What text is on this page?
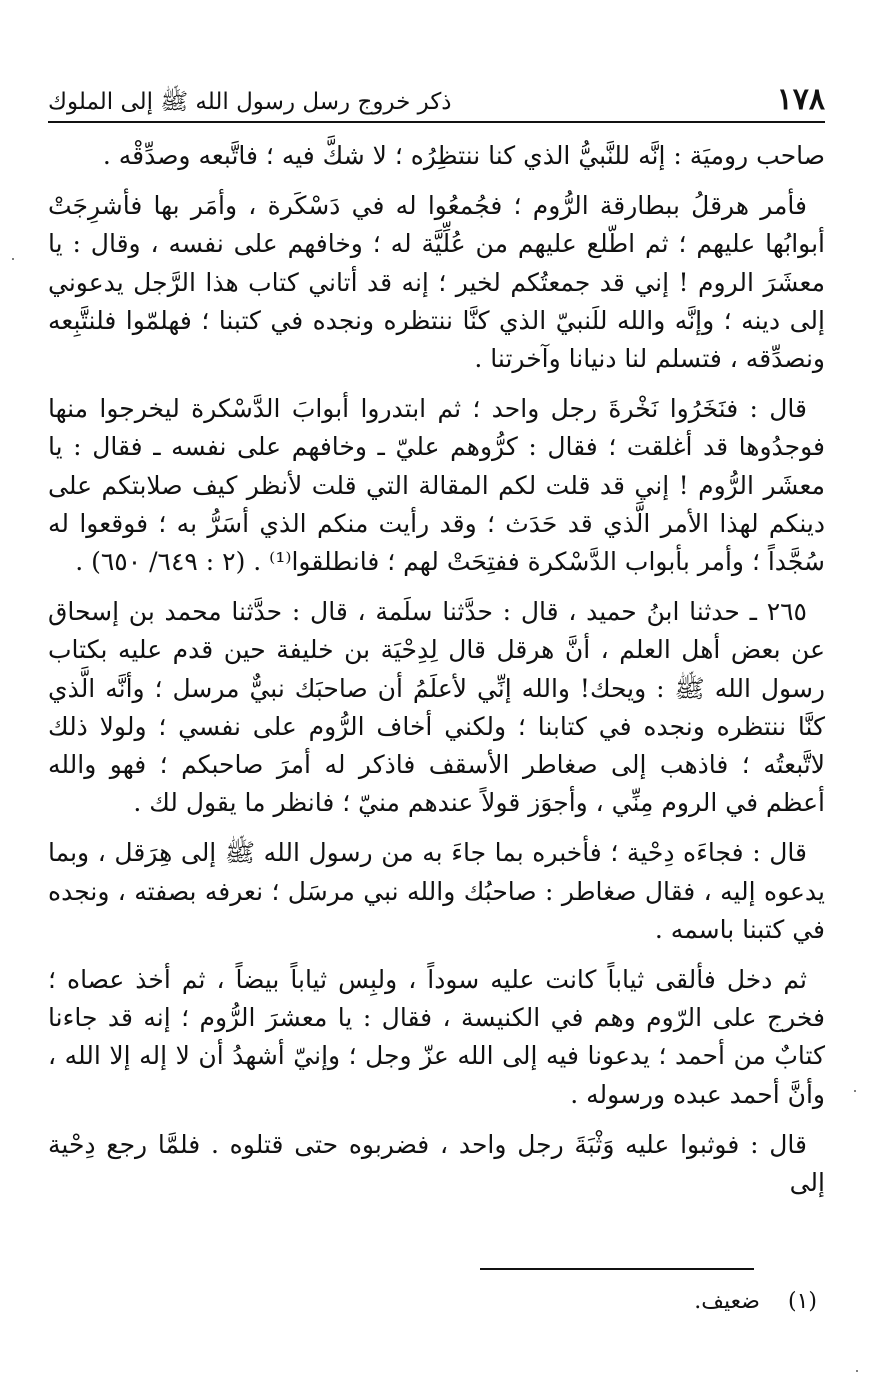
١٧٨
ذكر خروج رسل رسول الله ﷺ إلى الملوك

صاحب روميَة : إنَّه للنَّبيُّ الذي كنا ننتظِرُه ؛ لا شكَّ فيه ؛ فاتَّبعه وصدِّقْه .

فأمر هرقلُ ببطارقة الرُّوم ؛ فجُمعُوا له في دَسْكَرة ، وأمَر بها فأشرِجَتْ أبوابُها عليهم ؛ ثم اطّلع عليهم من عُلِّيَّة له ؛ وخافهم على نفسه ، وقال : يا معشَرَ الروم ! إني قد جمعتُكم لخير ؛ إنه قد أتاني كتاب هذا الرَّجل يدعوني إلى دينه ؛ وإنَّه والله للَنبيّ الذي كنَّا ننتظره ونجده في كتبنا ؛ فهلمّوا فلنتَّبِعه ونصدِّقه ، فتسلم لنا دنيانا وآخرتنا .

قال : فنَخَرُوا نَخْرةَ رجل واحد ؛ ثم ابتدروا أبوابَ الدَّسْكرة ليخرجوا منها فوجدُوها قد أغلقت ؛ فقال : كرُّوهم عليّ ـ وخافهم على نفسه ـ فقال : يا معشَر الرُّوم ! إني قد قلت لكم المقالة التي قلت لأنظر كيف صلابتكم على دينكم لهذا الأمر الَّذي قد حَدَث ؛ وقد رأيت منكم الذي أسَرُّ به ؛ فوقعوا له سُجَّداً ؛ وأمر بأبواب الدَّسْكرة ففتِحَتْ لهم ؛ فانطلقوا⁽¹⁾ . (٢ : ٦٤٩/ ٦٥٠) .

٢٦٥ ـ حدثنا ابنُ حميد ، قال : حدَّثنا سلَمة ، قال : حدَّثنا محمد بن إسحاق عن بعض أهل العلم ، أنَّ هرقل قال لِدِحْيَة بن خليفة حين قدم عليه بكتاب رسول الله ﷺ : ويحك! والله إنِّي لأعلَمُ أن صاحبَك نبيٌّ مرسل ؛ وأنَّه الَّذي كنَّا ننتظره ونجده في كتابنا ؛ ولكني أخاف الرُّوم على نفسي ؛ ولولا ذلك لاتَّبعتُه ؛ فاذهب إلى صغاطر الأسقف فاذكر له أمرَ صاحبكم ؛ فهو والله أعظم في الروم مِنِّي ، وأجوَز قولاً عندهم منيّ ؛ فانظر ما يقول لك .

قال : فجاءَه دِحْية ؛ فأخبره بما جاءَ به من رسول الله ﷺ إلى هِرَقل ، وبما يدعوه إليه ، فقال صغاطر : صاحبُك والله نبي مرسَل ؛ نعرفه بصفته ، ونجده في كتبنا باسمه .

ثم دخل فألقى ثياباً كانت عليه سوداً ، ولبِس ثياباً بيضاً ، ثم أخذ عصاه ؛ فخرج على الرّوم وهم في الكنيسة ، فقال : يا معشرَ الرُّوم ؛ إنه قد جاءنا كتابٌ من أحمد ؛ يدعونا فيه إلى الله عزّ وجل ؛ وإنيّ أشهدُ أن لا إله إلا الله ، وأنَّ أحمد عبده ورسوله .

قال : فوثبوا عليه وَثْبَةَ رجل واحد ، فضربوه حتى قتلوه . فلمَّا رجع دِحْية إلى

(١)
ضعيف.
